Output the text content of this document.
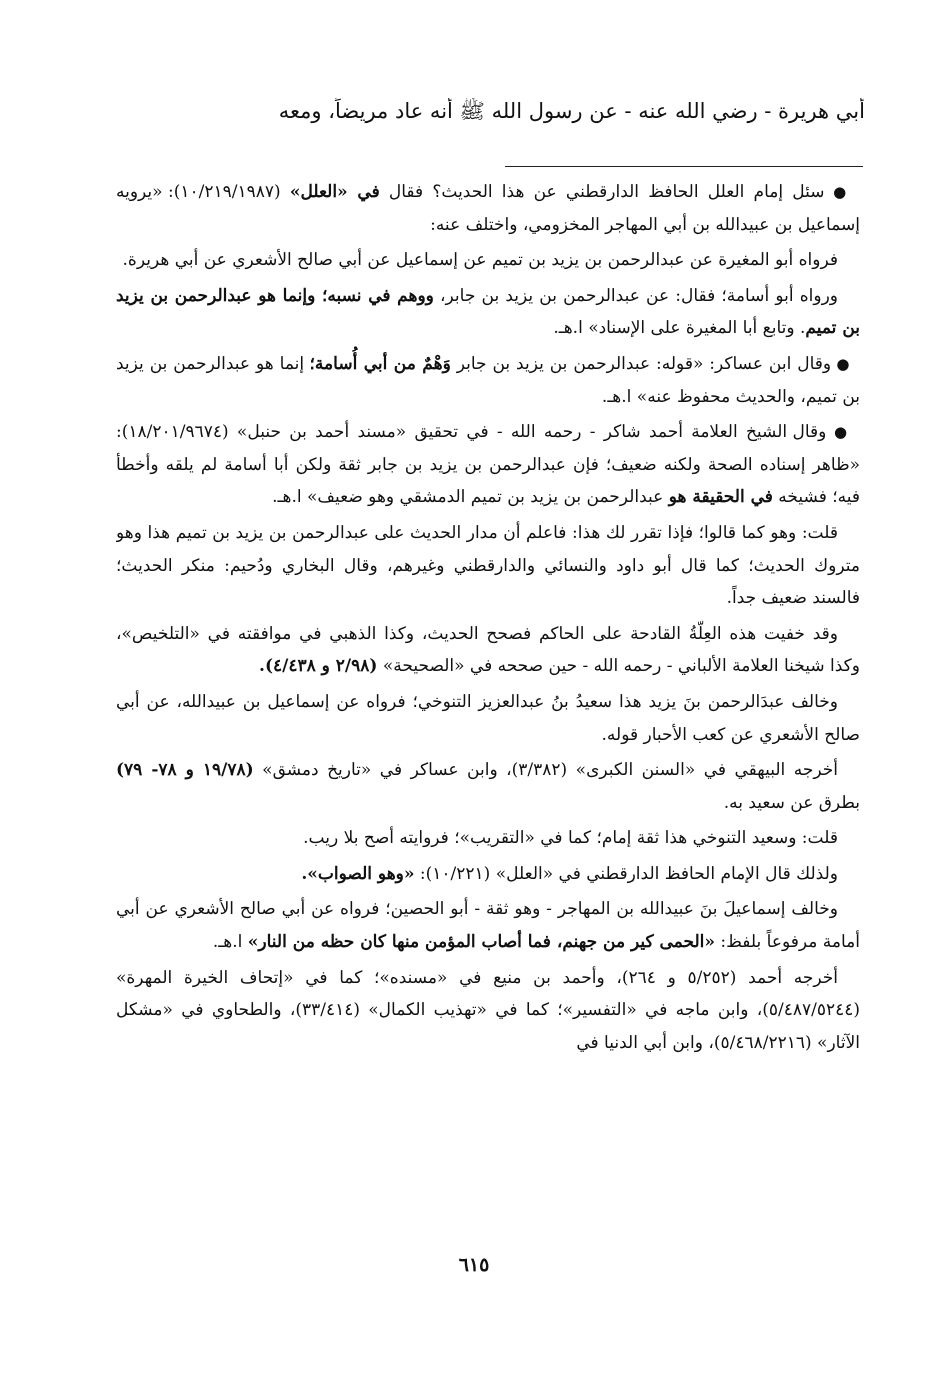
أبي هريرة - رضي الله عنه - عن رسول الله ﷺ أنه عاد مريضاً، ومعه

● سئل إمام العلل الحافظ الدارقطني عن هذا الحديث؟ فقال في «العلل» (١٠/٢١٩/١٩٨٧): «يرويه إسماعيل بن عبيدالله بن أبي المهاجر المخزومي، واختلف عنه:

فرواه أبو المغيرة عن عبدالرحمن بن يزيد بن تميم عن إسماعيل عن أبي صالح الأشعري عن أبي هريرة.

ورواه أبو أسامة؛ فقال: عن عبدالرحمن بن يزيد بن جابر، ووهم في نسبه؛ وإنما هو عبدالرحمن بن يزيد بن تميم. وتابع أبا المغيرة على الإسناد» ا.هـ.

● وقال ابن عساكر: «قوله: عبدالرحمن بن يزيد بن جابر وَهْمٌ من أبي أُسامة؛ إنما هو عبدالرحمن بن يزيد بن تميم، والحديث محفوظ عنه» ا.هـ.

● وقال الشيخ العلامة أحمد شاكر - رحمه الله - في تحقيق «مسند أحمد بن حنبل» (١٨/٢٠١/٩٦٧٤): «ظاهر إسناده الصحة ولكنه ضعيف؛ فإن عبدالرحمن بن يزيد بن جابر ثقة ولكن أبا أسامة لم يلقه وأخطأ فيه؛ فشيخه في الحقيقة هو عبدالرحمن بن يزيد بن تميم الدمشقي وهو ضعيف» ا.هـ.

قلت: وهو كما قالوا؛ فإذا تقرر لك هذا: فاعلم أن مدار الحديث على عبدالرحمن بن يزيد بن تميم هذا وهو متروك الحديث؛ كما قال أبو داود والنسائي والدارقطني وغيرهم، وقال البخاري ودُحيم: منكر الحديث؛ فالسند ضعيف جداً.

وقد خفيت هذه العِلّةُ القادحة على الحاكم فصحح الحديث، وكذا الذهبي في موافقته في «التلخيص»، وكذا شيخنا العلامة الألباني - رحمه الله - حين صححه في «الصحيحة» (٢/٩٨ و ٤/٤٣٨).

وخالف عبدَالرحمن بنَ يزيد هذا سعيدُ بنُ عبدالعزيز التنوخي؛ فرواه عن إسماعيل بن عبيدالله، عن أبي صالح الأشعري عن كعب الأحبار قوله.

أخرجه البيهقي في «السنن الكبرى» (٣/٣٨٢)، وابن عساكر في «تاريخ دمشق» (١٩/٧٨ و ٧٨- ٧٩) بطرق عن سعيد به.

قلت: وسعيد التنوخي هذا ثقة إمام؛ كما في «التقريب»؛ فروايته أصح بلا ريب.

ولذلك قال الإمام الحافظ الدارقطني في «العلل» (١٠/٢٢١): «وهو الصواب».

وخالف إسماعيلَ بنَ عبيدالله بن المهاجر - وهو ثقة - أبو الحصين؛ فرواه عن أبي صالح الأشعري عن أبي أمامة مرفوعاً بلفظ: «الحمى كير من جهنم، فما أصاب المؤمن منها كان حظه من النار» ا.هـ.

أخرجه أحمد (٥/٢٥٢ و ٢٦٤)، وأحمد بن منيع في «مسنده»؛ كما في «إتحاف الخيرة المهرة» (٥/٤٨٧/٥٢٤٤)، وابن ماجه في «التفسير»؛ كما في «تهذيب الكمال» (٣٣/٤١٤)، والطحاوي في «مشكل الآثار» (٥/٤٦٨/٢٢١٦)، وابن أبي الدنيا في

٦١٥
